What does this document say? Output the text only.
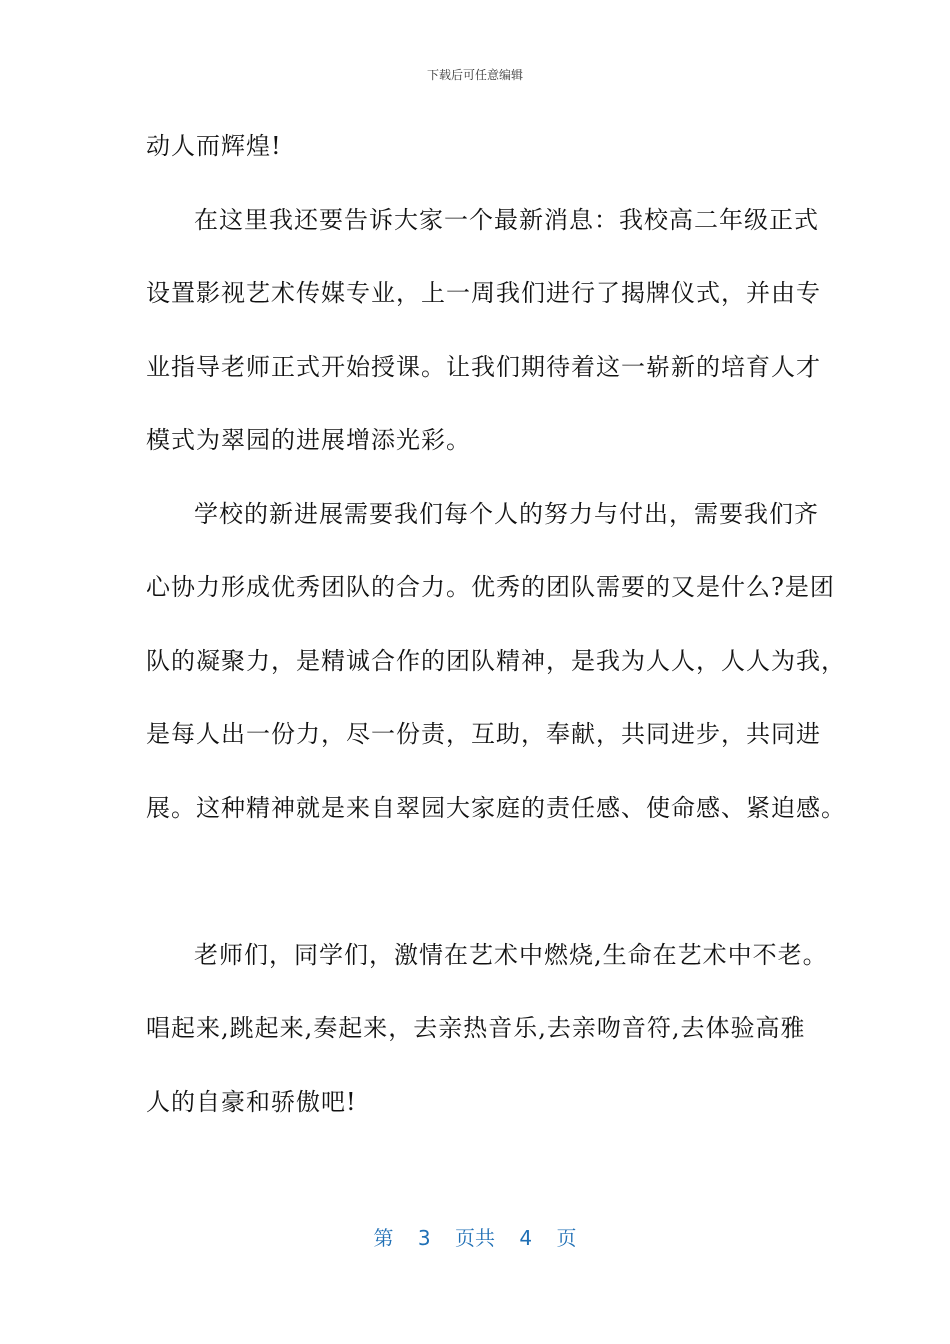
下载后可任意编辑
动人而辉煌!
在这里我还要告诉大家一个最新消息：我校高二年级正式
设置影视艺术传媒专业，上一周我们进行了揭牌仪式，并由专
业指导老师正式开始授课。让我们期待着这一崭新的培育人才
模式为翠园的进展增添光彩。
学校的新进展需要我们每个人的努力与付出，需要我们齐
心协力形成优秀团队的合力。优秀的团队需要的又是什么?是团
队的凝聚力，是精诚合作的团队精神，是我为人人，人人为我，
是每人出一份力，尽一份责，互助，奉献，共同进步，共同进
展。这种精神就是来自翠园大家庭的责任感、使命感、紧迫感。
老师们，同学们，激情在艺术中燃烧,生命在艺术中不老。
唱起来,跳起来,奏起来，去亲热音乐,去亲吻音符,去体验高雅
人的自豪和骄傲吧!
第 3 页共 4 页
